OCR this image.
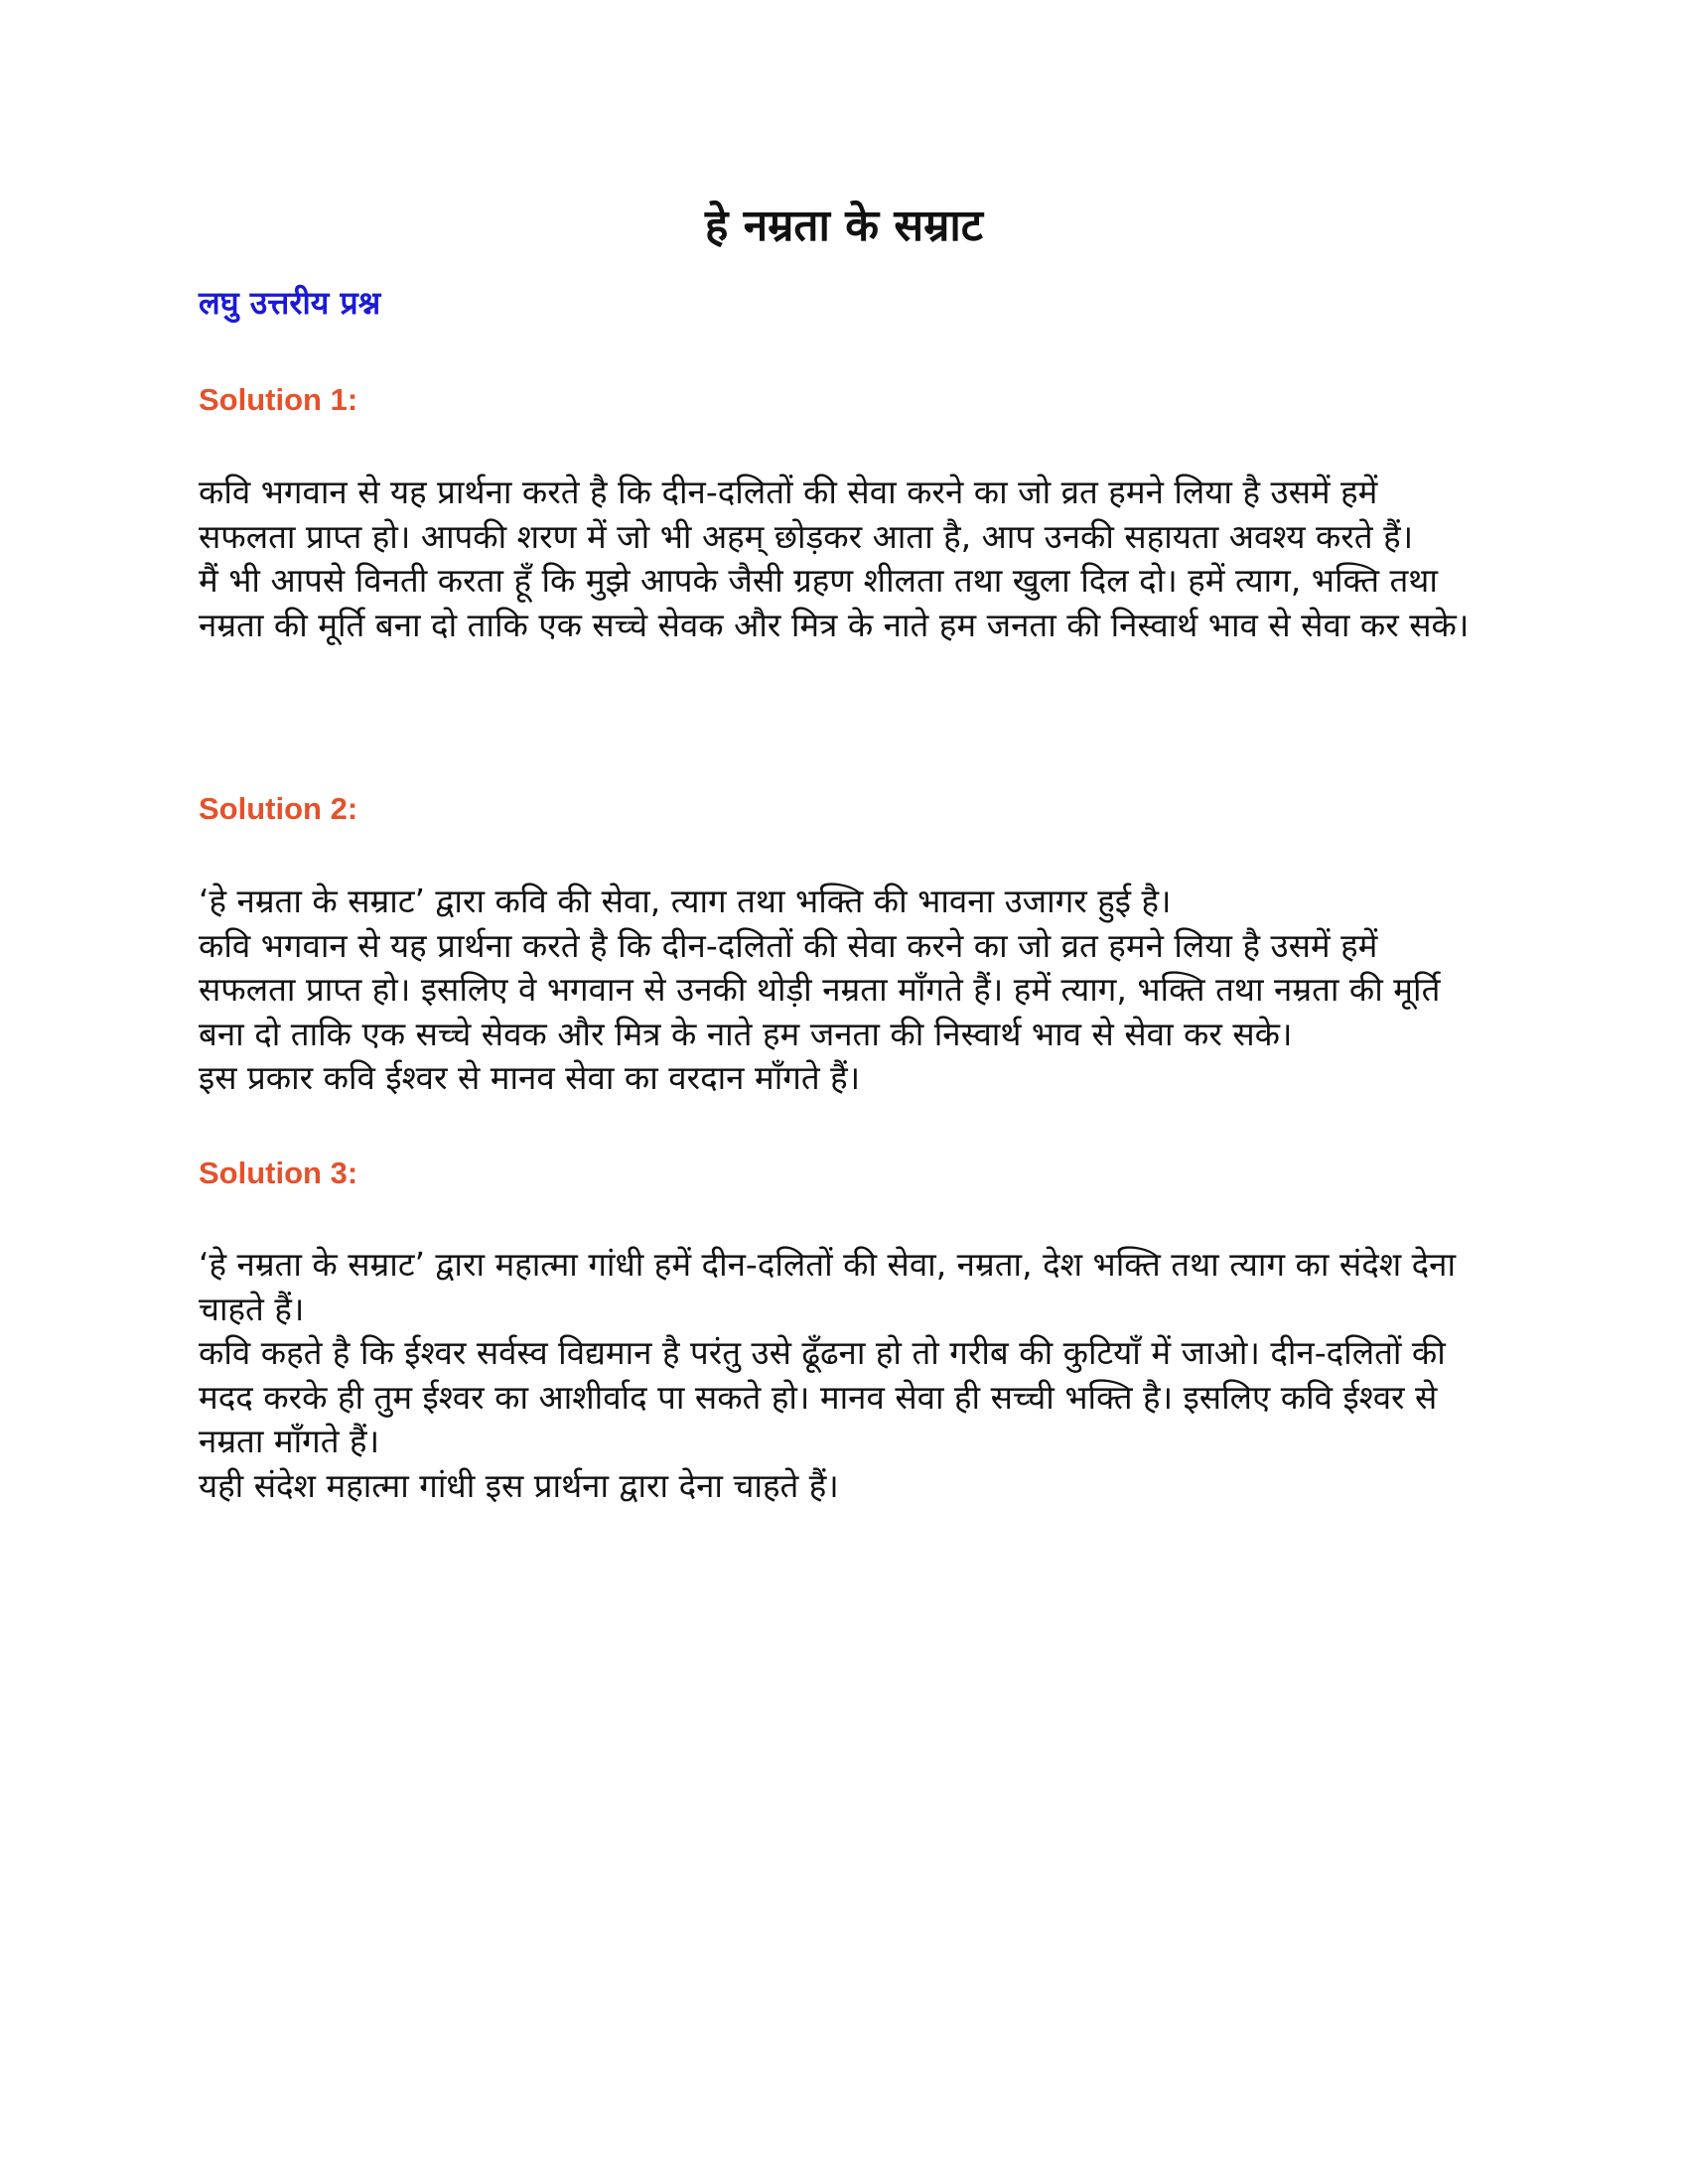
हे नम्रता के सम्राट
लघु उत्तरीय प्रश्न
Solution 1:

कवि भगवान से यह प्रार्थना करते है कि दीन-दलितों की सेवा करने का जो व्रत हमने लिया है उसमें हमें सफलता प्राप्त हो। आपकी शरण में जो भी अहम् छोड़कर आता है, आप उनकी सहायता अवश्य करते हैं।

मैं भी आपसे विनती करता हूँ कि मुझे आपके जैसी ग्रहण शीलता तथा खुला दिल दो। हमें त्याग, भक्ति तथा नम्रता की मूर्ति बना दो ताकि एक सच्चे सेवक और मित्र के नाते हम जनता की निस्वार्थ भाव से सेवा कर सके।

Solution 2:

‘हे नम्रता के सम्राट’ द्वारा कवि की सेवा, त्याग तथा भक्ति की भावना उजागर हुई है।

कवि भगवान से यह प्रार्थना करते है कि दीन-दलितों की सेवा करने का जो व्रत हमने लिया है उसमें हमें सफलता प्राप्त हो। इसलिए वे भगवान से उनकी थोड़ी नम्रता माँगते हैं। हमें त्याग, भक्ति तथा नम्रता की मूर्ति बना दो ताकि एक सच्चे सेवक और मित्र के नाते हम जनता की निस्वार्थ भाव से सेवा कर सके।

इस प्रकार कवि ईश्वर से मानव सेवा का वरदान माँगते हैं।

Solution 3:

‘हे नम्रता के सम्राट’ द्वारा महात्मा गांधी हमें दीन-दलितों की सेवा, नम्रता, देश भक्ति तथा त्याग का संदेश देना चाहते हैं।

कवि कहते है कि ईश्वर सर्वस्व विद्यमान है परंतु उसे ढूँढना हो तो गरीब की कुटियाँ में जाओ। दीन-दलितों की मदद करके ही तुम ईश्वर का आशीर्वाद पा सकते हो। मानव सेवा ही सच्ची भक्ति है। इसलिए कवि ईश्वर से नम्रता माँगते हैं।

यही संदेश महात्मा गांधी इस प्रार्थना द्वारा देना चाहते हैं।
